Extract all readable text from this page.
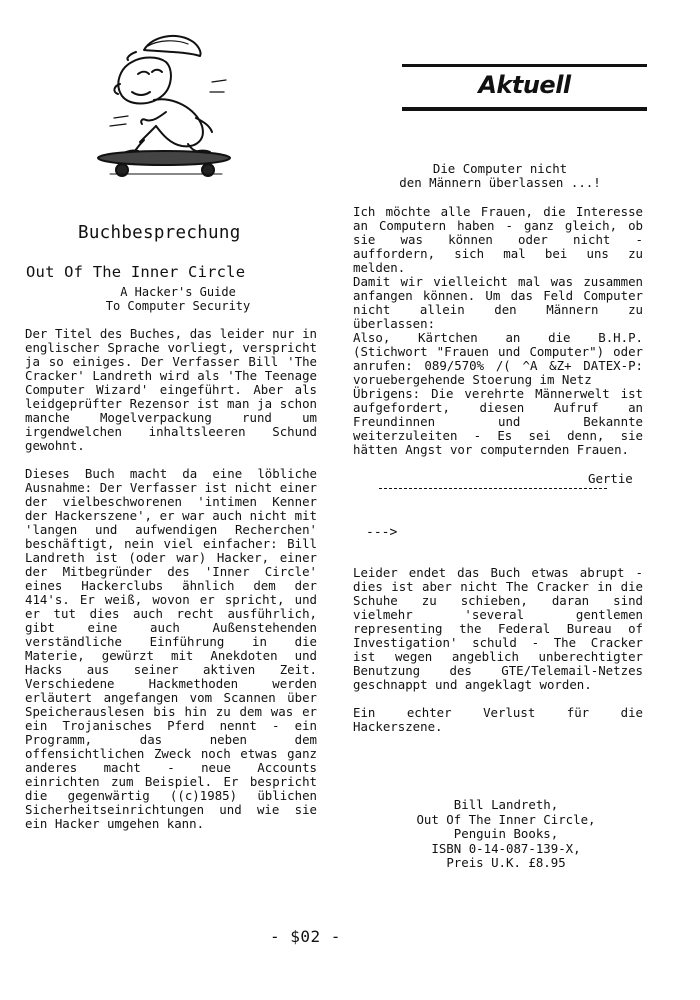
Buchbesprechung
Out Of The Inner Circle
A Hacker's Guide
To Computer Security

Der Titel des Buches, das leider nur in englischer Sprache vorliegt, verspricht ja so einiges. Der Verfasser Bill 'The Cracker' Landreth wird als 'The Teenage Computer Wizard' eingeführt. Aber als leidgeprüfter Rezensor ist man ja schon manche Mogelverpackung rund um irgendwelchen inhaltsleeren Schund gewohnt.

Dieses Buch macht da eine löbliche Ausnahme: Der Verfasser ist nicht einer der vielbeschworenen 'intimen Kenner der Hackerszene', er war auch nicht mit 'langen und aufwendigen Recherchen' beschäftigt, nein viel einfacher: Bill Landreth ist (oder war) Hacker, einer der Mitbegründer des 'Inner Circle' eines Hackerclubs ähnlich dem der 414's. Er weiß, wovon er spricht, und er tut dies auch recht ausführlich, gibt eine auch Außenstehenden verständliche Einführung in die Materie, gewürzt mit Anekdoten und Hacks aus seiner aktiven Zeit. Verschiedene Hackmethoden werden erläutert angefangen vom Scannen über Speicherauslesen bis hin zu dem was er ein Trojanisches Pferd nennt - ein Programm, das neben dem offensichtlichen Zweck noch etwas ganz anderes macht - neue Accounts einrichten zum Beispiel. Er bespricht die gegenwärtig ((c)1985) üblichen Sicherheitseinrichtungen und wie sie ein Hacker umgehen kann.

Aktuell
Die Computer nicht
den Männern überlassen ...!

Ich möchte alle Frauen, die Interesse an Computern haben - ganz gleich, ob sie was können oder nicht - auffordern, sich mal bei uns zu melden.

Damit wir vielleicht mal was zusammen anfangen können. Um das Feld Computer nicht allein den Männern zu überlassen:

Also, Kärtchen an die B.H.P. (Stichwort "Frauen und Computer") oder anrufen: 089/570% /( ^A &Z+ DATEX-P: voruebergehende Stoerung im Netz

Übrigens: Die verehrte Männerwelt ist aufgefordert, diesen Aufruf an Freundinnen und Bekannte weiterzuleiten - Es sei denn, sie hätten Angst vor computernden Frauen.

Gertie
--->

Leider endet das Buch etwas abrupt - dies ist aber nicht The Cracker in die Schuhe zu schieben, daran sind vielmehr 'several gentlemen representing the Federal Bureau of Investigation' schuld - The Cracker ist wegen angeblich unberechtigter Benutzung des GTE/Telemail-Netzes geschnappt und angeklagt worden.

Ein echter Verlust für die Hackerszene.

Bill Landreth,
Out Of The Inner Circle,
Penguin Books,
ISBN 0-14-087-139-X,
Preis U.K. £8.95
- $02 -
